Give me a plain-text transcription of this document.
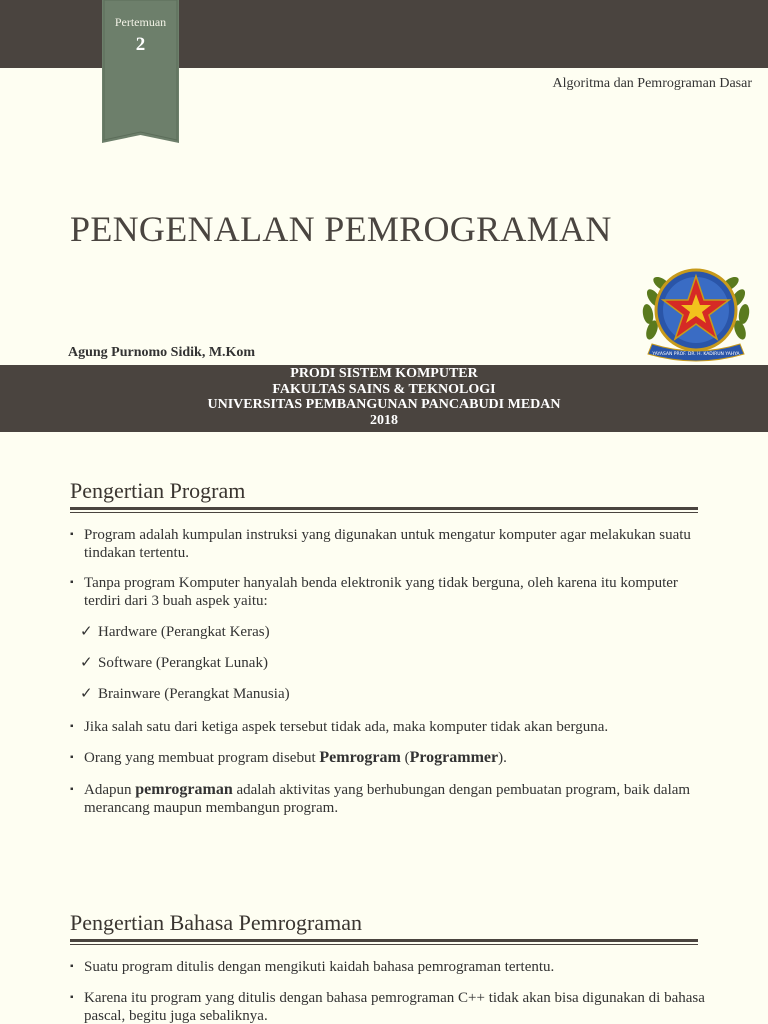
Pertemuan
2
Algoritma dan Pemrograman Dasar
PENGENALAN PEMROGRAMAN
Agung Purnomo Sidik, M.Kom	YAYASAN PROF. DR. H. KADIRUN YAHYA
PRODI SISTEM KOMPUTER
FAKULTAS SAINS & TEKNOLOGI
UNIVERSITAS PEMBANGUNAN PANCABUDI MEDAN
2018
Pengertian Program
▪ Program adalah kumpulan instruksi yang digunakan untuk mengatur komputer agar melakukan suatu tindakan tertentu.
▪ Tanpa program Komputer hanyalah benda elektronik yang tidak berguna, oleh karena itu komputer terdiri dari 3 buah aspek yaitu:
✓ Hardware (Perangkat Keras)
✓ Software (Perangkat Lunak)
✓ Brainware (Perangkat Manusia)
▪ Jika salah satu dari ketiga aspek tersebut tidak ada, maka komputer tidak akan berguna.
▪ Orang yang membuat program disebut Pemrogram (Programmer).
▪ Adapun pemrograman adalah aktivitas yang berhubungan dengan pembuatan program, baik dalam merancang maupun membangun program.
Pengertian Bahasa Pemrograman
▪ Suatu program ditulis dengan mengikuti kaidah bahasa pemrograman tertentu.
▪ Karena itu program yang ditulis dengan bahasa pemrograman C++ tidak akan bisa digunakan di bahasa pascal, begitu juga sebaliknya.
